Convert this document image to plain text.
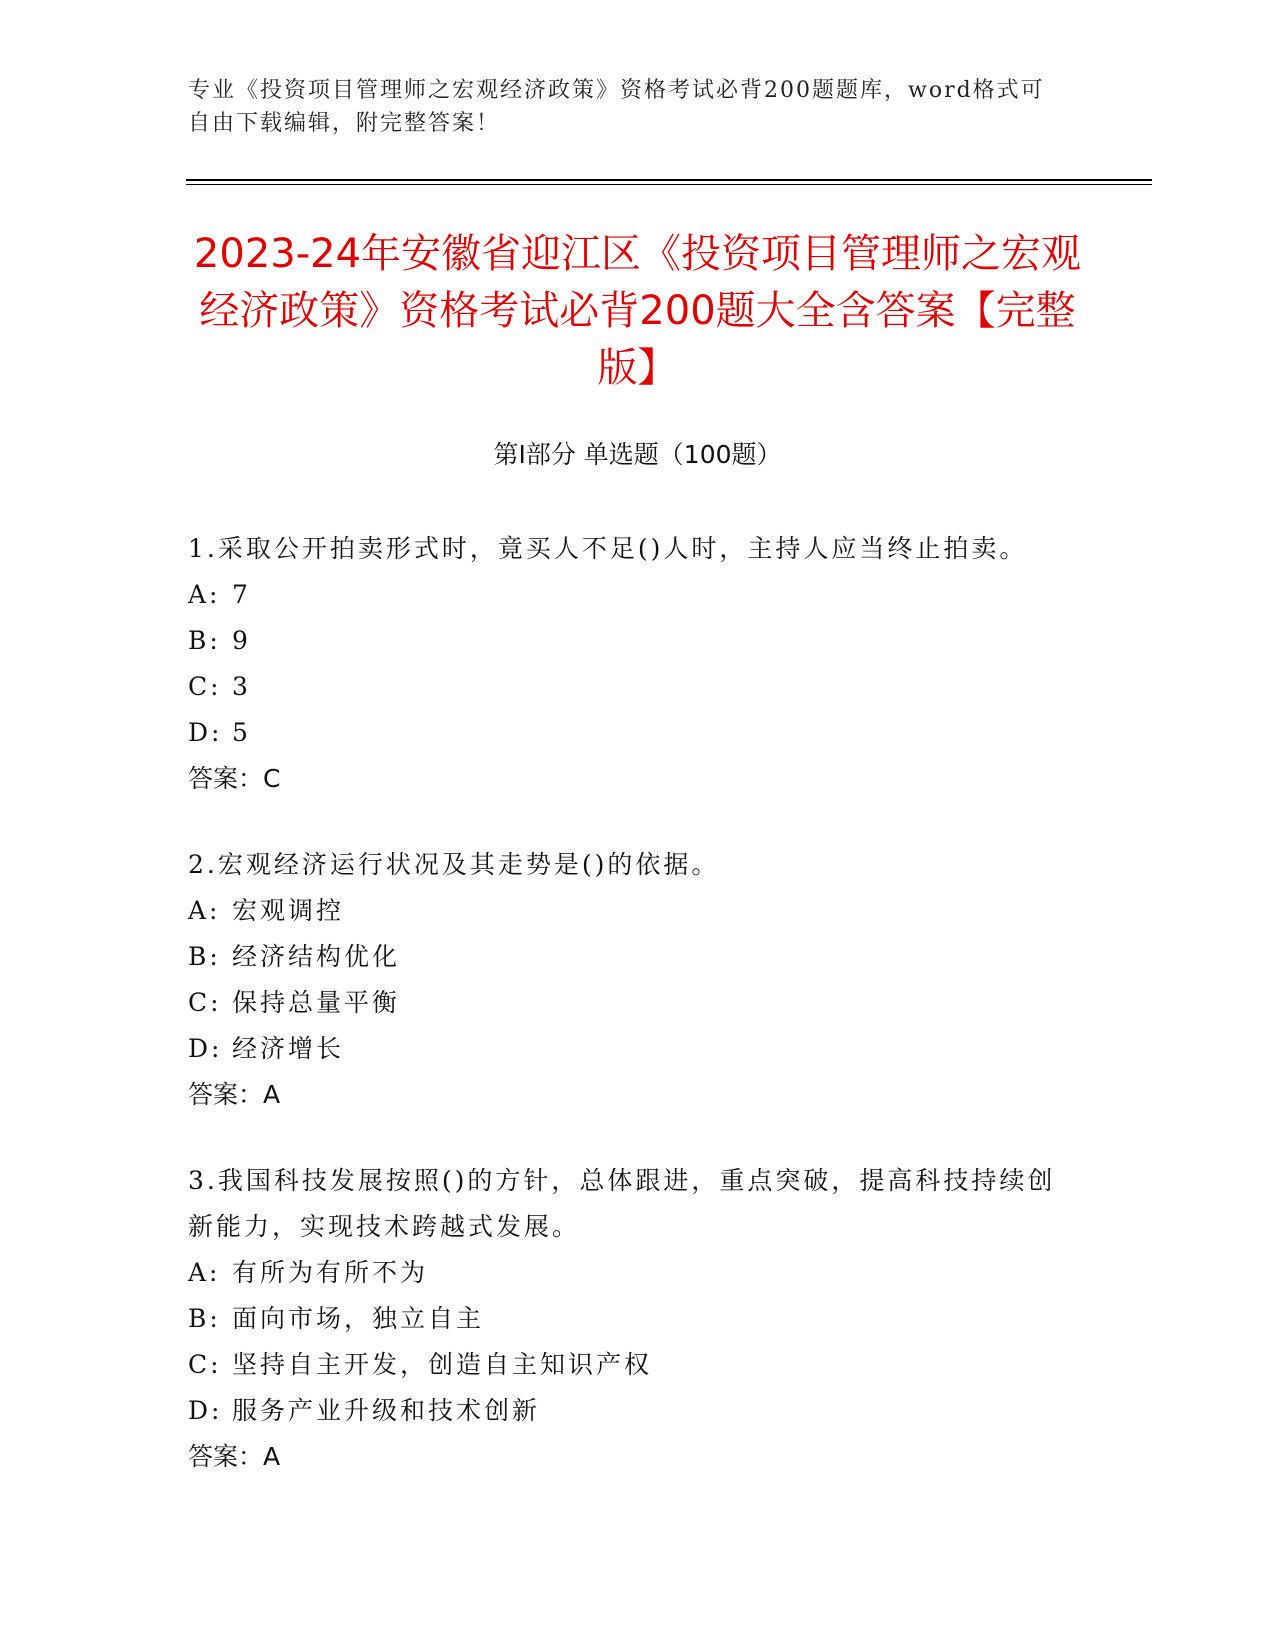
专业《投资项目管理师之宏观经济政策》资格考试必背200题题库，word格式可自由下载编辑，附完整答案！
2023-24年安徽省迎江区《投资项目管理师之宏观经济政策》资格考试必背200题大全含答案【完整版】
第I部分 单选题（100题）
1.采取公开拍卖形式时，竟买人不足()人时，主持人应当终止拍卖。
A: 7
B: 9
C: 3
D: 5
答案：C
2.宏观经济运行状况及其走势是()的依据。
A: 宏观调控
B: 经济结构优化
C: 保持总量平衡
D: 经济增长
答案：A
3.我国科技发展按照()的方针，总体跟进，重点突破，提高科技持续创新能力，实现技术跨越式发展。
A: 有所为有所不为
B: 面向市场，独立自主
C: 坚持自主开发，创造自主知识产权
D: 服务产业升级和技术创新
答案：A
